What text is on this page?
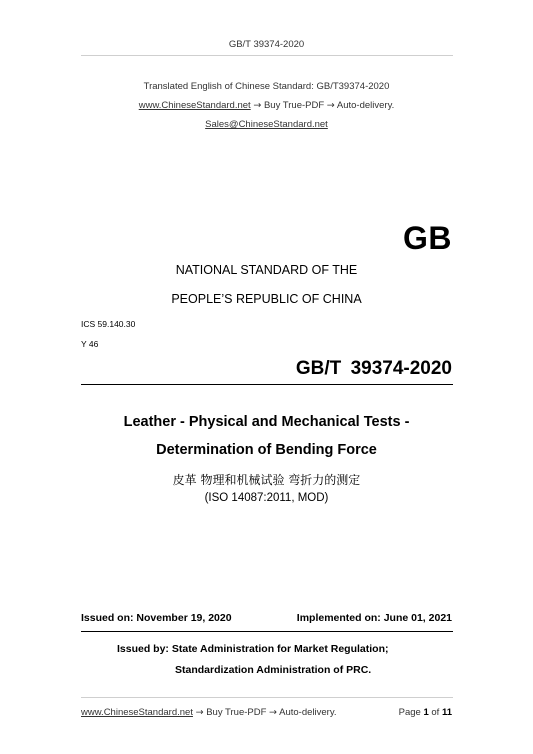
GB/T 39374-2020
Translated English of Chinese Standard: GB/T39374-2020
www.ChineseStandard.net → Buy True-PDF → Auto-delivery.
Sales@ChineseStandard.net
GB
NATIONAL STANDARD OF THE
PEOPLE’S REPUBLIC OF CHINA
ICS 59.140.30
Y 46
GB/T 39374-2020
Leather - Physical and Mechanical Tests -
Determination of Bending Force
皮革 物理和机械试验 弯折力的测定
(ISO 14087:2011, MOD)
Issued on: November 19, 2020	Implemented on: June 01, 2021
Issued by: State Administration for Market Regulation;
Standardization Administration of PRC.
www.ChineseStandard.net → Buy True-PDF → Auto-delivery.	Page 1 of 11
